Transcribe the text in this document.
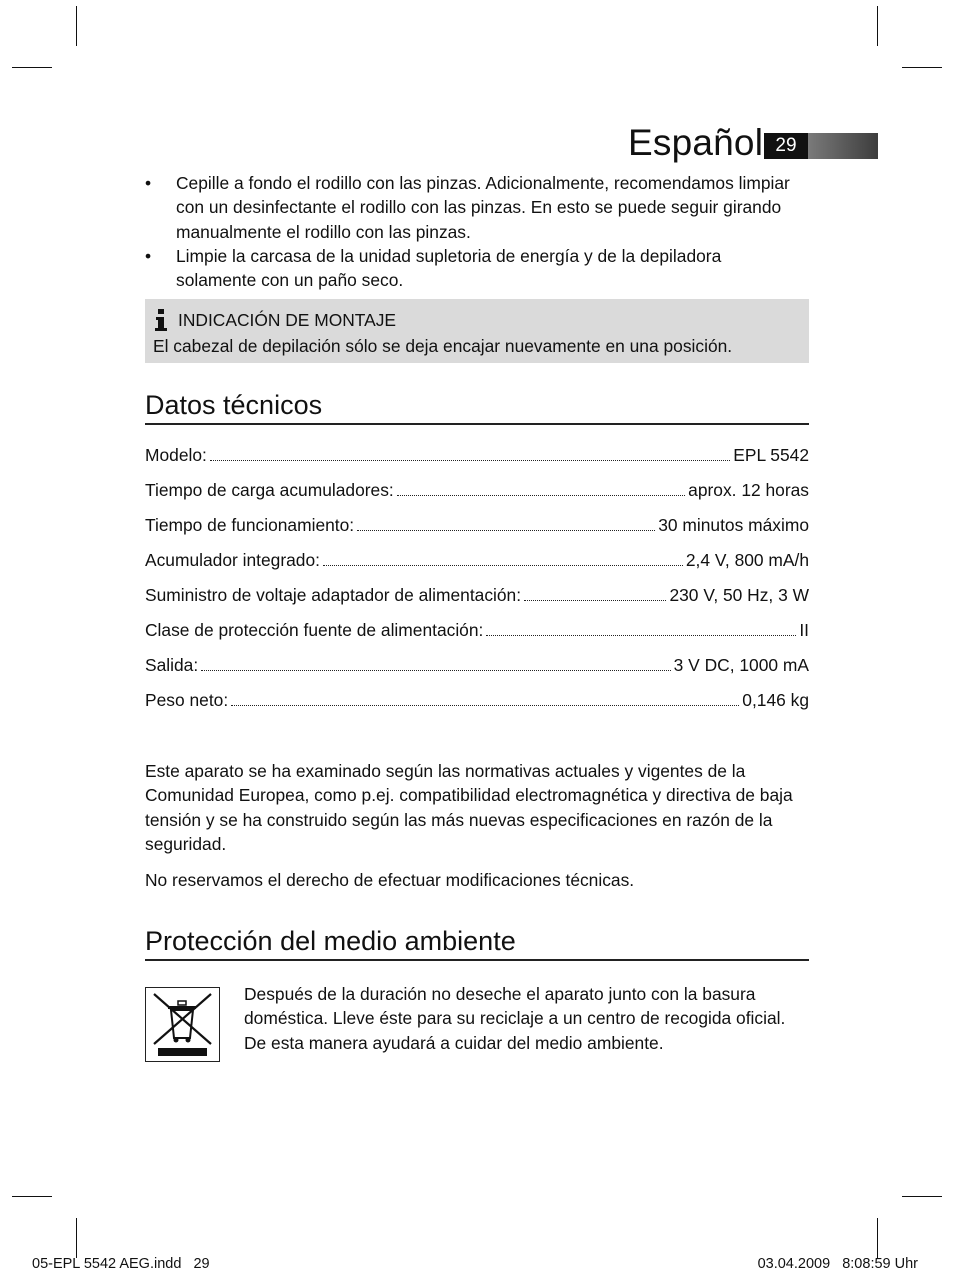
Español 29
• Cepille a fondo el rodillo con las pinzas. Adicionalmente, recomendamos limpiar con un desinfectante el rodillo con las pinzas. En esto se puede seguir girando manualmente el rodillo con las pinzas.
• Limpie la carcasa de la unidad supletoria de energía y de la depiladora solamente con un paño seco.
INDICACIÓN DE MONTAJE
El cabezal de depilación sólo se deja encajar nuevamente en una posición.
Datos técnicos
Modelo:	EPL 5542
Tiempo de carga acumuladores:	aprox. 12 horas
Tiempo de funcionamiento:	30 minutos máximo
Acumulador integrado:	2,4 V, 800 mA/h
Suministro de voltaje adaptador de alimentación:	230 V, 50 Hz, 3 W
Clase de protección fuente de alimentación:	II
Salida:	3 V DC, 1000 mA
Peso neto:	0,146 kg
Este aparato se ha examinado según las normativas actuales y vigentes de la Comunidad Europea, como p.ej. compatibilidad electromagnética y directiva de baja tensión y se ha construido según las más nuevas especificaciones en razón de la seguridad.
No reservamos el derecho de efectuar modificaciones técnicas.
Protección del medio ambiente
Después de la duración no deseche el aparato junto con la basura doméstica. Lleve éste para su reciclaje a un centro de recogida oficial. De esta manera ayudará a cuidar del medio ambiente.
05-EPL 5542 AEG.indd   29	03.04.2009   8:08:59 Uhr
